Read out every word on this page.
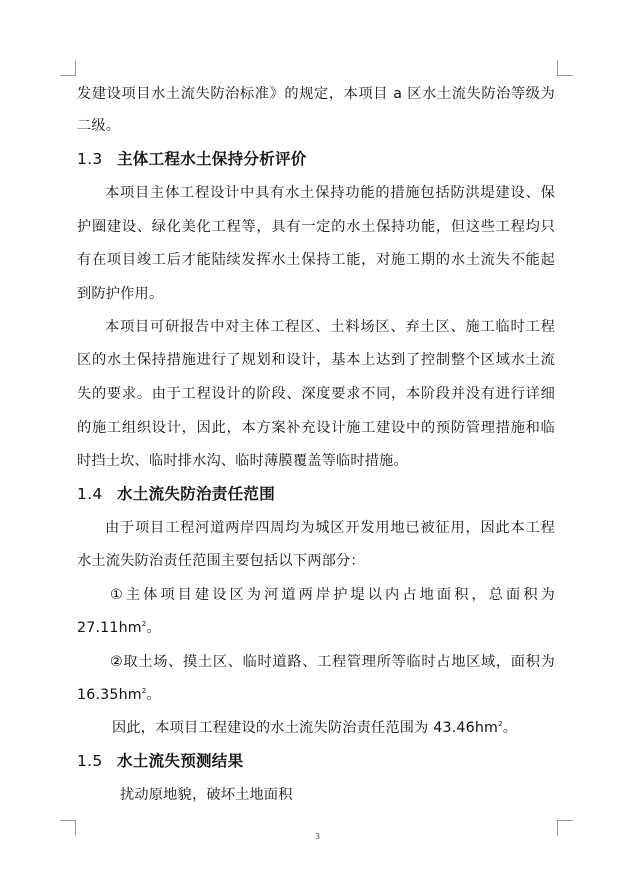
发建设项目水土流失防治标准》的规定，本项目 a 区水土流失防治等级为
二级。
1.3 主体工程水土保持分析评价
本项目主体工程设计中具有水土保持功能的措施包括防洪堤建设、保
护圈建设、绿化美化工程等，具有一定的水土保持功能，但这些工程均只
有在项目竣工后才能陆续发挥水土保持工能，对施工期的水土流失不能起
到防护作用。
本项目可研报告中对主体工程区、土料场区、弃土区、施工临时工程
区的水土保持措施进行了规划和设计，基本上达到了控制整个区域水土流
失的要求。由于工程设计的阶段、深度要求不同，本阶段并没有进行详细
的施工组织设计，因此，本方案补充设计施工建设中的预防管理措施和临
时挡土坎、临时排水沟、临时薄膜覆盖等临时措施。
1.4 水土流失防治责任范围
由于项目工程河道两岸四周均为城区开发用地已被征用，因此本工程
水土流失防治责任范围主要包括以下两部分：
①主体项目建设区为河道两岸护堤以内占地面积，总面积为
$27.11hm^2$。
②取土场、摸土区、临时道路、工程管理所等临时占地区域，面积为
$16.35hm^2$。
因此，本项目工程建设的水土流失防治责任范围为 $43.46hm^2$。
1.5 水土流失预测结果
扰动原地貌，破坏土地面积
3
